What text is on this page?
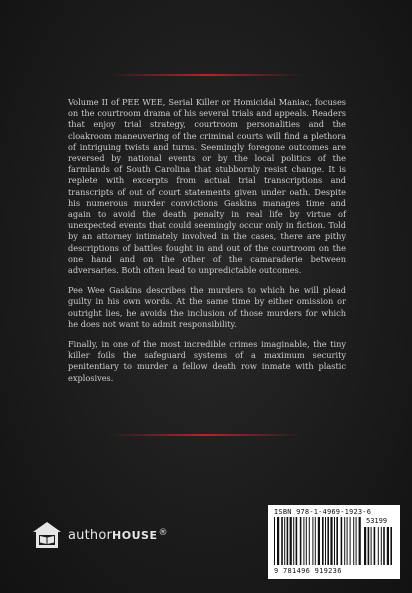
Volume II of PEE WEE, Serial Killer or Homicidal Maniac, focuses on the courtroom drama of his several trials and appeals. Readers that enjoy trial strategy, courtroom personalities and the cloakroom maneuvering of the criminal courts will find a plethora of intriguing twists and turns. Seemingly foregone outcomes are reversed by national events or by the local politics of the farmlands of South Carolina that stubbornly resist change. It is replete with excerpts from actual trial transcriptions and transcripts of out of court statements given under oath. Despite his numerous murder convictions Gaskins manages time and again to avoid the death penalty in real life by virtue of unexpected events that could seemingly occur only in fiction. Told by an attorney intimately involved in the cases, there are pithy descriptions of battles fought in and out of the courtroom on the one hand and on the other of the camaraderie between adversaries. Both often lead to unpredictable outcomes.

Pee Wee Gaskins describes the murders to which he will plead guilty in his own words. At the same time by either omission or outright lies, he avoids the inclusion of those murders for which he does not want to admit responsibility.

Finally, in one of the most incredible crimes imaginable, the tiny killer foils the safeguard systems of a maximum security penitentiary to murder a fellow death row inmate with plastic explosives.

authorHOUSE®
ISBN 978-1-4969-1923-6
53199
9 781496 919236
